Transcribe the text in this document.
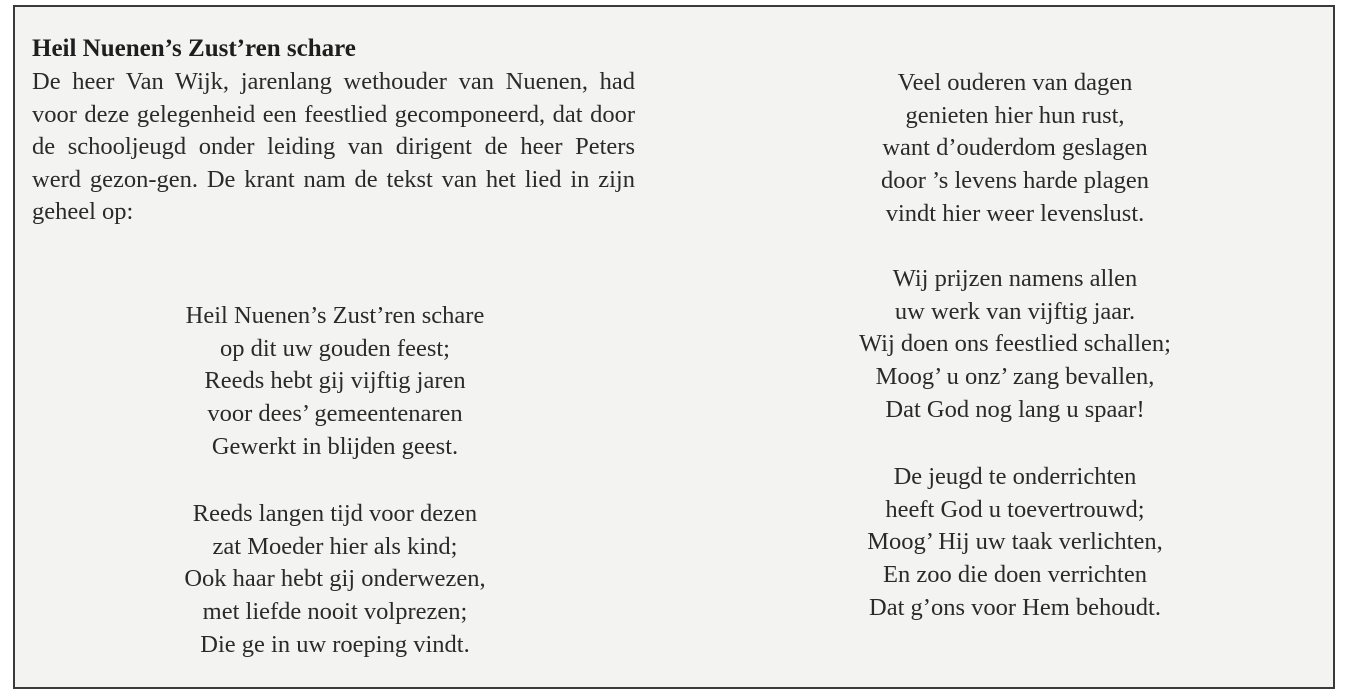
Heil Nuenen’s Zust’ren schare

De heer Van Wijk, jarenlang wethouder van Nuenen, had voor deze gelegenheid een feestlied gecomponeerd, dat door de schooljeugd onder leiding van dirigent de heer Peters werd gezon-gen. De krant nam de tekst van het lied in zijn geheel op:

Heil Nuenen’s Zust’ren schare
op dit uw gouden feest;
Reeds hebt gij vijftig jaren
voor dees’ gemeentenaren
Gewerkt in blijden geest.
Reeds langen tijd voor dezen
zat Moeder hier als kind;
Ook haar hebt gij onderwezen,
met liefde nooit volprezen;
Die ge in uw roeping vindt.
Veel ouderen van dagen
genieten hier hun rust,
want d’ouderdom geslagen
door ’s levens harde plagen
vindt hier weer levenslust.
Wij prijzen namens allen
uw werk van vijftig jaar.
Wij doen ons feestlied schallen;
Moog’ u onz’ zang bevallen,
Dat God nog lang u spaar!
De jeugd te onderrichten
heeft God u toevertrouwd;
Moog’ Hij uw taak verlichten,
En zoo die doen verrichten
Dat g’ons voor Hem behoudt.
